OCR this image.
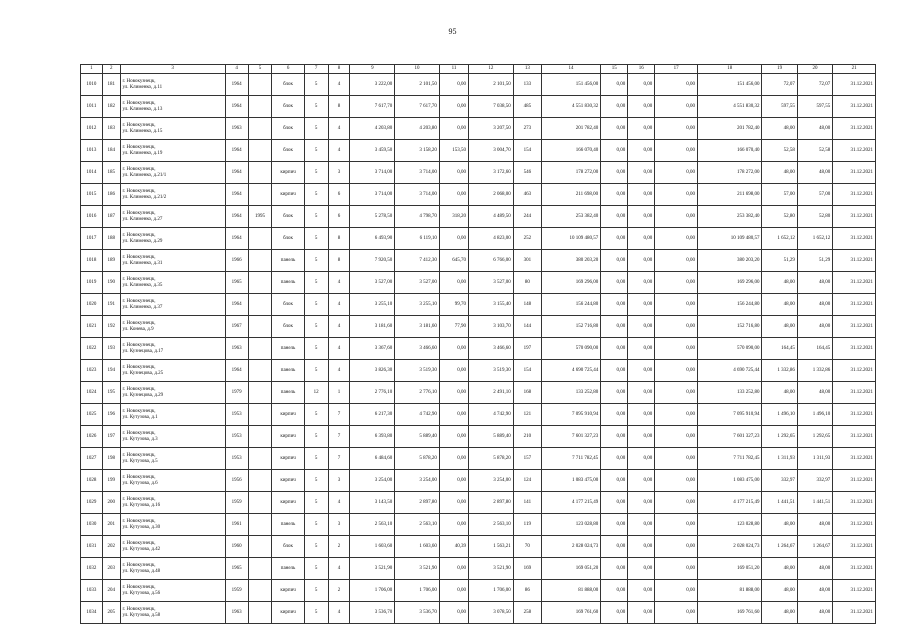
95
1	2	3	4	5	6	7	8	9	10	11	12	13	14	15	16	17	18	19	20	21
1010	181	г. Новокузнецк,
ул. Клименко, д.11	1964		блок	5	4	3 222,00	2 101,50	0,00	2 101,50	133	151 456,00	0,00	0,00	0,00	151 456,00	72,07	72,07	31.12.2021
1011	182	г. Новокузнецк,
ул. Клименко, д.13	1964		блок	5	8	7 617,70	7 617,70	0,00	7 038,50	485	4 551 830,32	0,00	0,00	0,00	4 551 830,32	597,55	597,55	31.12.2021
1012	183	г. Новокузнецк,
ул. Клименко, д.15	1963		блок	5	4	4 203,80	4 203,80	0,00	3 207,50	273	201 782,40	0,00	0,00	0,00	201 782,40	48,00	48,00	31.12.2021
1013	184	г. Новокузнецк,
ул. Клименко, д.19	1964		блок	5	4	3 459,50	3 158,20	153,50	3 004,70	154	166 070,40	0,00	0,00	0,00	166 070,40	52,58	52,58	31.12.2021
1014	185	г. Новокузнецк,
ул. Клименко, д.21/1	1964		кирпич	5	3	3 714,00	3 714,00	0,00	3 172,60	546	178 272,00	0,00	0,00	0,00	178 272,00	48,00	48,00	31.12.2021
1015	186	г. Новокузнецк,
ул. Клименко, д.21/2	1964		кирпич	5	6	3 714,00	3 714,00	0,00	2 068,00	463	211 698,00	0,00	0,00	0,00	211 698,00	57,00	57,00	31.12.2021
1016	187	г. Новокузнецк,
ул. Клименко, д.27	1964	1995	блок	5	6	5 278,50	4 798,70	318,20	4 489,50	244	253 382,40	0,00	0,00	0,00	253 382,40	52,80	52,80	31.12.2021
1017	188	г. Новокузнецк,
ул. Клименко, д.29	1964		блок	5	8	6 493,90	6 119,10	0,00	4 823,00	252	10 109 480,57	0,00	0,00	0,00	10 109 480,57	1 652,12	1 652,12	31.12.2021
1018	189	г. Новокузнецк,
ул. Клименко, д.31	1966		панель	5	8	7 920,50	7 412,30	645,70	6 766,00	301	380 203,20	0,00	0,00	0,00	380 203,20	51,29	51,29	31.12.2021
1019	190	г. Новокузнецк,
ул. Клименко, д.35	1965		панель	5	4	3 527,00	3 527,00	0,00	3 527,00	80	169 296,00	0,00	0,00	0,00	169 296,00	48,00	48,00	31.12.2021
1020	191	г. Новокузнецк,
ул. Клименко, д.37	1964		блок	5	4	3 255,10	3 255,10	99,70	3 155,40	148	156 244,80	0,00	0,00	0,00	156 244,80	48,00	48,00	31.12.2021
1021	192	г. Новокузнецк,
ул. Конева, д.9	1967		блок	5	4	3 181,60	3 181,60	77,90	3 103,70	144	152 716,80	0,00	0,00	0,00	152 716,80	48,00	48,00	31.12.2021
1022	193	г. Новокузнецк,
ул. Кузнецова, д.17	1963		панель	5	4	3 367,60	3 466,60	0,00	3 466,60	197	570 090,00	0,00	0,00	0,00	570 090,00	164,45	164,45	31.12.2021
1023	194	г. Новокузнецк,
ул. Кузнецова, д.25	1964		панель	5	4	3 826,30	3 519,30	0,00	3 519,30	154	4 690 725,44	0,00	0,00	0,00	4 690 725,44	1 332,86	1 332,86	31.12.2021
1024	195	г. Новокузнецк,
ул. Кузнецова, д.29	1979		панель	12	1	2 776,10	2 776,10	0,00	2 491,10	168	133 252,80	0,00	0,00	0,00	133 252,80	48,00	48,00	31.12.2021
1025	196	г. Новокузнецк,
ул. Кутузова, д.1	1953		кирпич	5	7	6 217,30	4 742,90	0,00	4 742,90	121	7 095 910,94	0,00	0,00	0,00	7 095 910,94	1 496,10	1 496,10	31.12.2021
1026	197	г. Новокузнецк,
ул. Кутузова, д.3	1953		кирпич	5	7	6 393,80	5 889,40	0,00	5 889,40	210	7 601 327,23	0,00	0,00	0,00	7 601 327,23	1 292,65	1 292,65	31.12.2021
1027	198	г. Новокузнецк,
ул. Кутузова, д.5	1953		кирпич	5	7	6 484,60	5 878,20	0,00	5 878,20	157	7 711 782,45	0,00	0,00	0,00	7 711 782,45	1 311,93	1 311,93	31.12.2021
1028	199	г. Новокузнецк,
ул. Кутузова, д.6	1956		кирпич	5	3	3 254,00	3 254,00	0,00	3 254,00	124	1 083 475,00	0,00	0,00	0,00	1 083 475,00	332,97	332,97	31.12.2021
1029	200	г. Новокузнецк,
ул. Кутузова, д.16	1959		кирпич	5	4	3 143,50	2 897,80	0,00	2 897,80	141	4 177 215,49	0,00	0,00	0,00	4 177 215,49	1 441,51	1 441,51	31.12.2021
1030	201	г. Новокузнецк,
ул. Кутузова, д.30	1961		панель	5	3	2 563,10	2 563,10	0,00	2 563,10	119	123 028,80	0,00	0,00	0,00	123 028,80	48,00	48,00	31.12.2021
1031	202	г. Новокузнецк,
ул. Кутузова, д.42	1960		блок	5	2	1 603,60	1 603,60	40,39	1 563,21	70	2 028 024,73	0,00	0,00	0,00	2 028 024,73	1 264,67	1 264,67	31.12.2021
1032	203	г. Новокузнецк,
ул. Кутузова, д.48	1965		панель	5	4	3 521,90	3 521,90	0,00	3 521,90	169	169 051,20	0,00	0,00	0,00	169 051,20	48,00	48,00	31.12.2021
1033	204	г. Новокузнецк,
ул. Кутузова, д.56	1959		кирпич	5	2	1 706,00	1 706,00	0,00	1 706,00	86	81 888,00	0,00	0,00	0,00	81 888,00	48,00	48,00	31.12.2021
1034	205	г. Новокузнецк,
ул. Кутузова, д.58	1963		кирпич	5	4	3 536,70	3 536,70	0,00	3 078,50	258	169 761,60	0,00	0,00	0,00	169 761,60	48,00	48,00	31.12.2021
